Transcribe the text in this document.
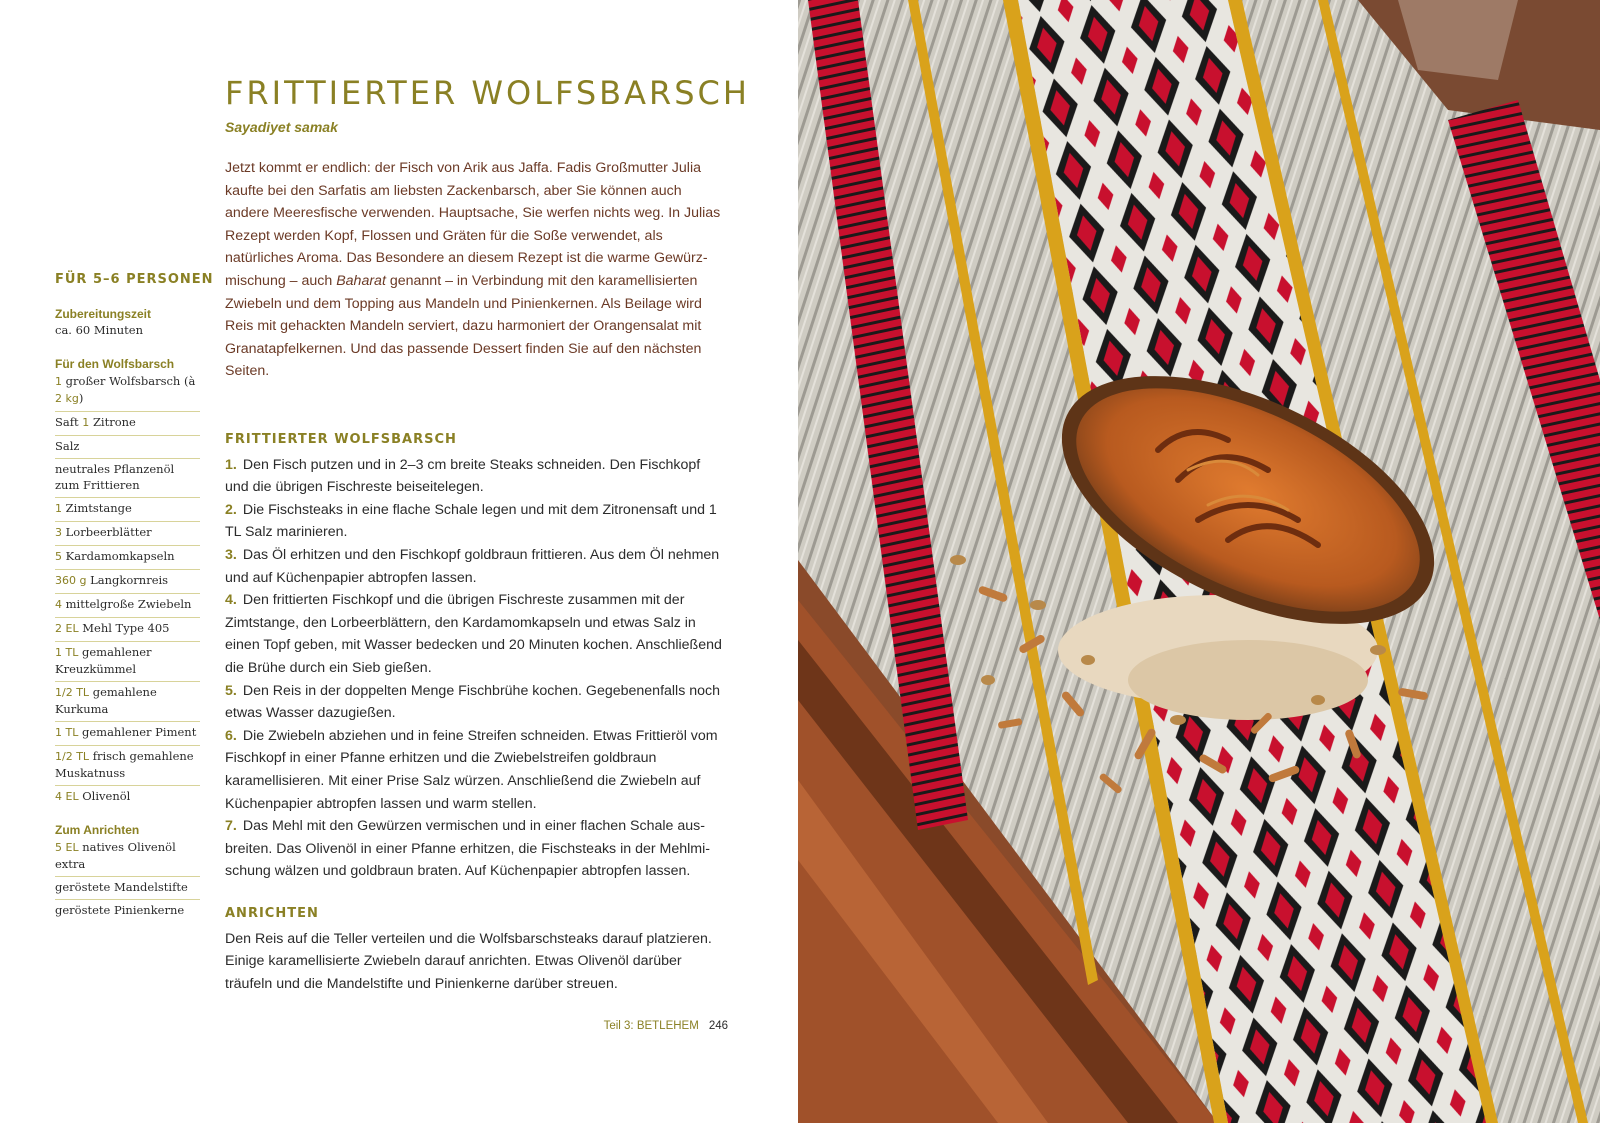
FRITTIERTER WOLFSBARSCH
Sayadiyet samak

Jetzt kommt er endlich: der Fisch von Arik aus Jaffa. Fadis Großmutter Julia kaufte bei den Sarfatis am liebsten Zackenbarsch, aber Sie können auch andere Meeresfische verwenden. Hauptsache, Sie werfen nichts weg. In Julias Rezept werden Kopf, Flossen und Gräten für die Soße verwendet, als natürliches Aroma. Das Besondere an diesem Rezept ist die warme Gewürzmischung – auch Baharat genannt – in Verbindung mit den karamellisierten Zwiebeln und dem Topping aus Mandeln und Pinienkernen. Als Beilage wird Reis mit gehackten Mandeln serviert, dazu harmoniert der Orangensalat mit Granatapfelkernen. Und das passende Dessert finden Sie auf den nächsten Seiten.

FÜR 5–6 PERSONEN
Zubereitungszeit
ca. 60 Minuten
Für den Wolfsbarsch
1 großer Wolfsbarsch (à 2 kg)
Saft 1 Zitrone
Salz
neutrales Pflanzenöl zum Frittieren
1 Zimtstange
3 Lorbeerblätter
5 Kardamomkapseln
360 g Langkornreis
4 mittelgroße Zwiebeln
2 EL Mehl Type 405
1 TL gemahlener Kreuzkümmel
1/2 TL gemahlene Kurkuma
1 TL gemahlener Piment
1/2 TL frisch gemahlene Muskatnuss
4 EL Olivenöl
Zum Anrichten
5 EL natives Olivenöl extra
geröstete Mandelstifte
geröstete Pinienkerne
FRITTIERTER WOLFSBARSCH

1. Den Fisch putzen und in 2–3 cm breite Steaks schneiden. Den Fischkopf und die übrigen Fischreste beiseitelegen.

2. Die Fischsteaks in eine flache Schale legen und mit dem Zitronensaft und 1 TL Salz marinieren.

3. Das Öl erhitzen und den Fischkopf goldbraun frittieren. Aus dem Öl nehmen und auf Küchenpapier abtropfen lassen.

4. Den frittierten Fischkopf und die übrigen Fischreste zusammen mit der Zimtstange, den Lorbeerblättern, den Kardamomkapseln und etwas Salz in einen Topf geben, mit Wasser bedecken und 20 Minuten kochen. Anschließend die Brühe durch ein Sieb gießen.

5. Den Reis in der doppelten Menge Fischbrühe kochen. Gegebenenfalls noch etwas Wasser dazugießen.

6. Die Zwiebeln abziehen und in feine Streifen schneiden. Etwas Frittieröl vom Fischkopf in einer Pfanne erhitzen und die Zwiebelstreifen goldbraun karamellisieren. Mit einer Prise Salz würzen. Anschließend die Zwiebeln auf Küchenpapier abtropfen lassen und warm stellen.

7. Das Mehl mit den Gewürzen vermischen und in einer flachen Schale ausbreiten. Das Olivenöl in einer Pfanne erhitzen, die Fischsteaks in der Mehlmischung wälzen und goldbraun braten. Auf Küchenpapier abtropfen lassen.

ANRICHTEN

Den Reis auf die Teller verteilen und die Wolfsbarschsteaks darauf platzieren. Einige karamellisierte Zwiebeln darauf anrichten. Etwas Olivenöl darüber träufeln und die Mandelstifte und Pinienkerne darüber streuen.

Teil 3: BETLEHEM 246
